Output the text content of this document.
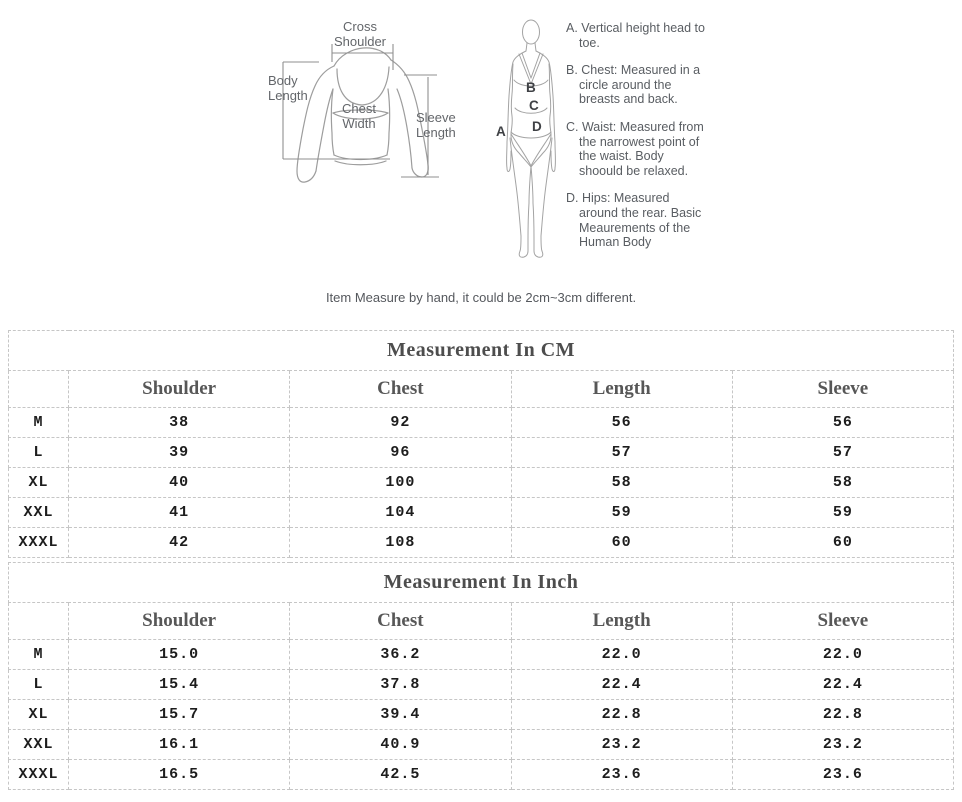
Cross
Shoulder
Body
Length
Chest
Width	Sleeve
Length	A
B
C
D

A. Vertical height head to toe.

B. Chest: Measured in a circle around the breasts and back.

C. Waist: Measured from the narrowest point of the waist. Body shoould be relaxed.

D. Hips: Measured around the rear. Basic Meaurements of the Human Body

Item Measure by hand, it could be 2cm~3cm different.
Measurement In CM				
	Shoulder	Chest	Length	Sleeve
M	38	92	56	56
L	39	96	57	57
XL	40	100	58	58
XXL	41	104	59	59
XXXL	42	108	60	60
Measurement In Inch				
	Shoulder	Chest	Length	Sleeve
M	15.0	36.2	22.0	22.0
L	15.4	37.8	22.4	22.4
XL	15.7	39.4	22.8	22.8
XXL	16.1	40.9	23.2	23.2
XXXL	16.5	42.5	23.6	23.6
